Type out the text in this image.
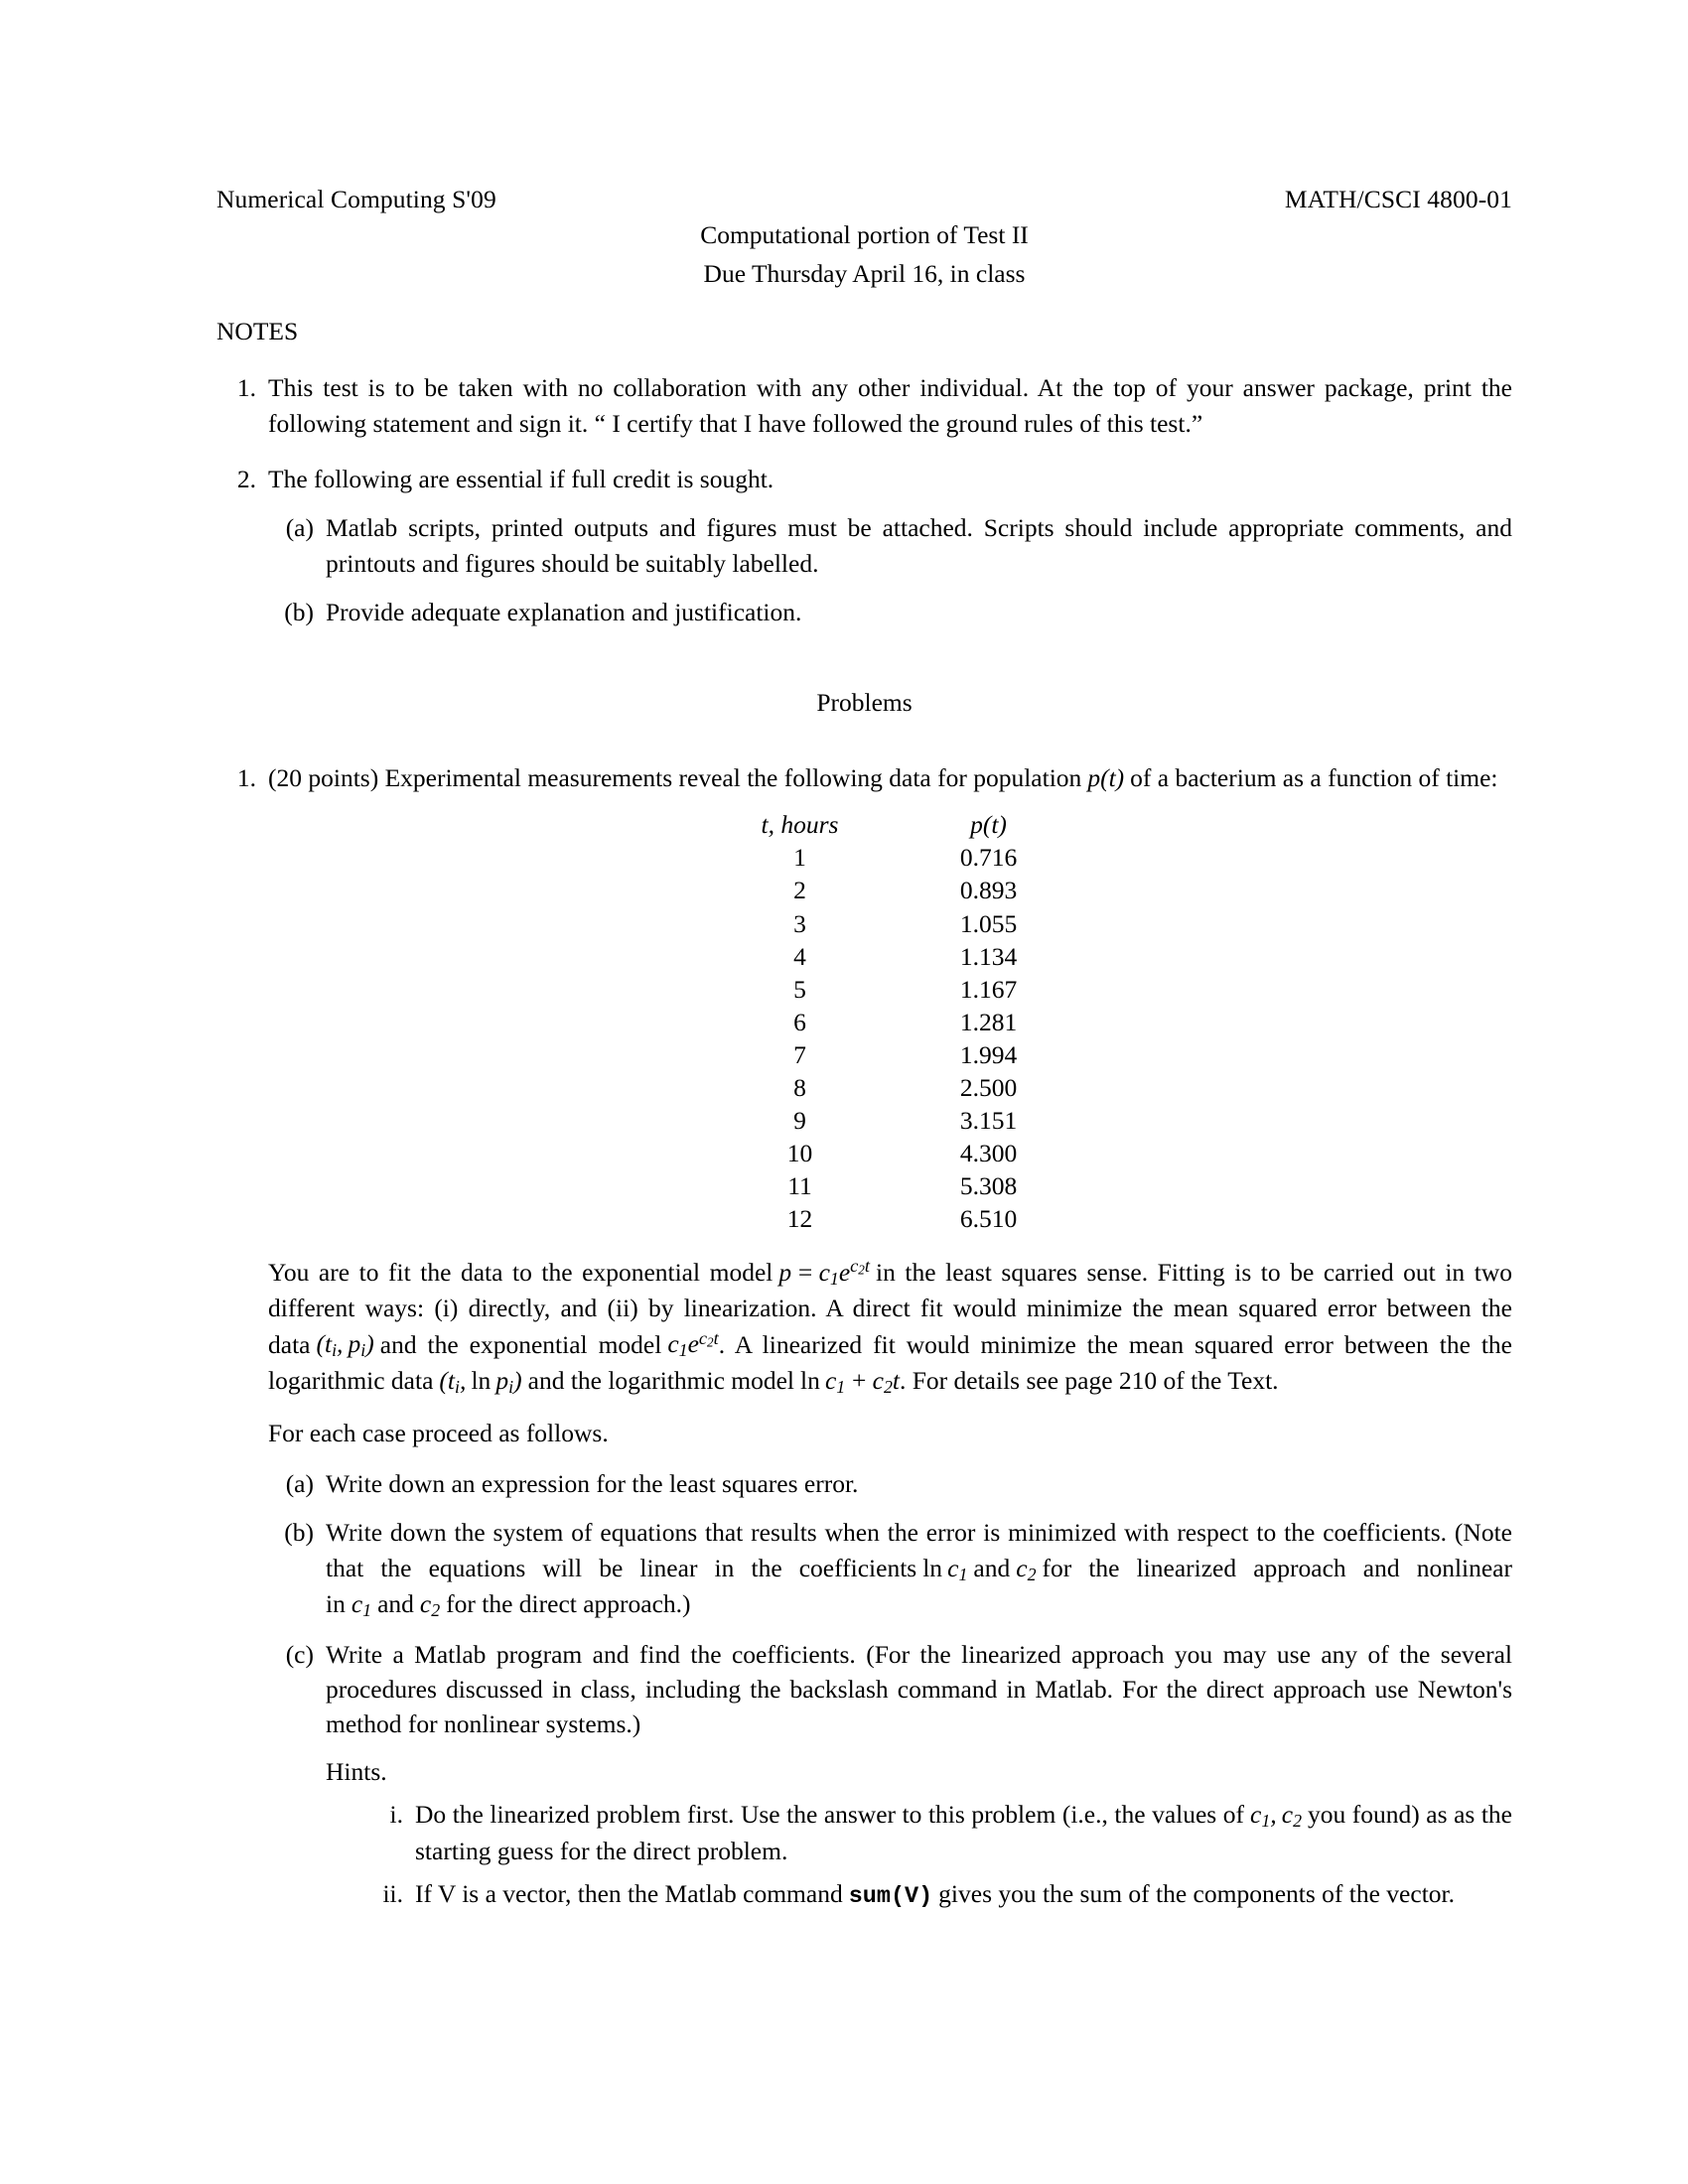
Numerical Computing S'09	MATH/CSCI 4800-01
Computational portion of Test II
Due Thursday April 16, in class
NOTES
1. This test is to be taken with no collaboration with any other individual. At the top of your answer package, print the following statement and sign it. “ I certify that I have followed the ground rules of this test.”
2. The following are essential if full credit is sought.
(a) Matlab scripts, printed outputs and figures must be attached. Scripts should include appropriate comments, and printouts and figures should be suitably labelled.
(b) Provide adequate explanation and justification.
Problems
1. (20 points) Experimental measurements reveal the following data for population p(t) of a bacterium as a function of time:
t, hours	p(t)
1	0.716
2	0.893
3	1.055
4	1.134
5	1.167
6	1.281
7	1.994
8	2.500
9	3.151
10	4.300
11	5.308
12	6.510

You are to fit the data to the exponential model $p = c_1e^{c_2t}$ in the least squares sense. Fitting is to be carried out in two different ways: (i) directly, and (ii) by linearization. A direct fit would minimize the mean squared error between the data ($t_i$, $p_i$) and the exponential model $c_1e^{c_2t}$. A linearized fit would minimize the mean squared error between the the logarithmic data ($t_i$, $\ln p_i$) and the logarithmic model $\ln c_1 + c_2t$. For details see page 210 of the Text.

For each case proceed as follows.

(a) Write down an expression for the least squares error.
(b) Write down the system of equations that results when the error is minimized with respect to the coefficients. (Note that the equations will be linear in the coefficients $\ln c_1$ and $c_2$ for the linearized approach and nonlinear in $c_1$ and $c_2$ for the direct approach.)
(c) Write a Matlab program and find the coefficients. (For the linearized approach you may use any of the several procedures discussed in class, including the backslash command in Matlab. For the direct approach use Newton's method for nonlinear systems.)
Hints.
i. Do the linearized problem first. Use the answer to this problem (i.e., the values of $c_1$, $c_2$ you found) as as the starting guess for the direct problem.
ii. If V is a vector, then the Matlab command sum(V) gives you the sum of the components of the vector.
